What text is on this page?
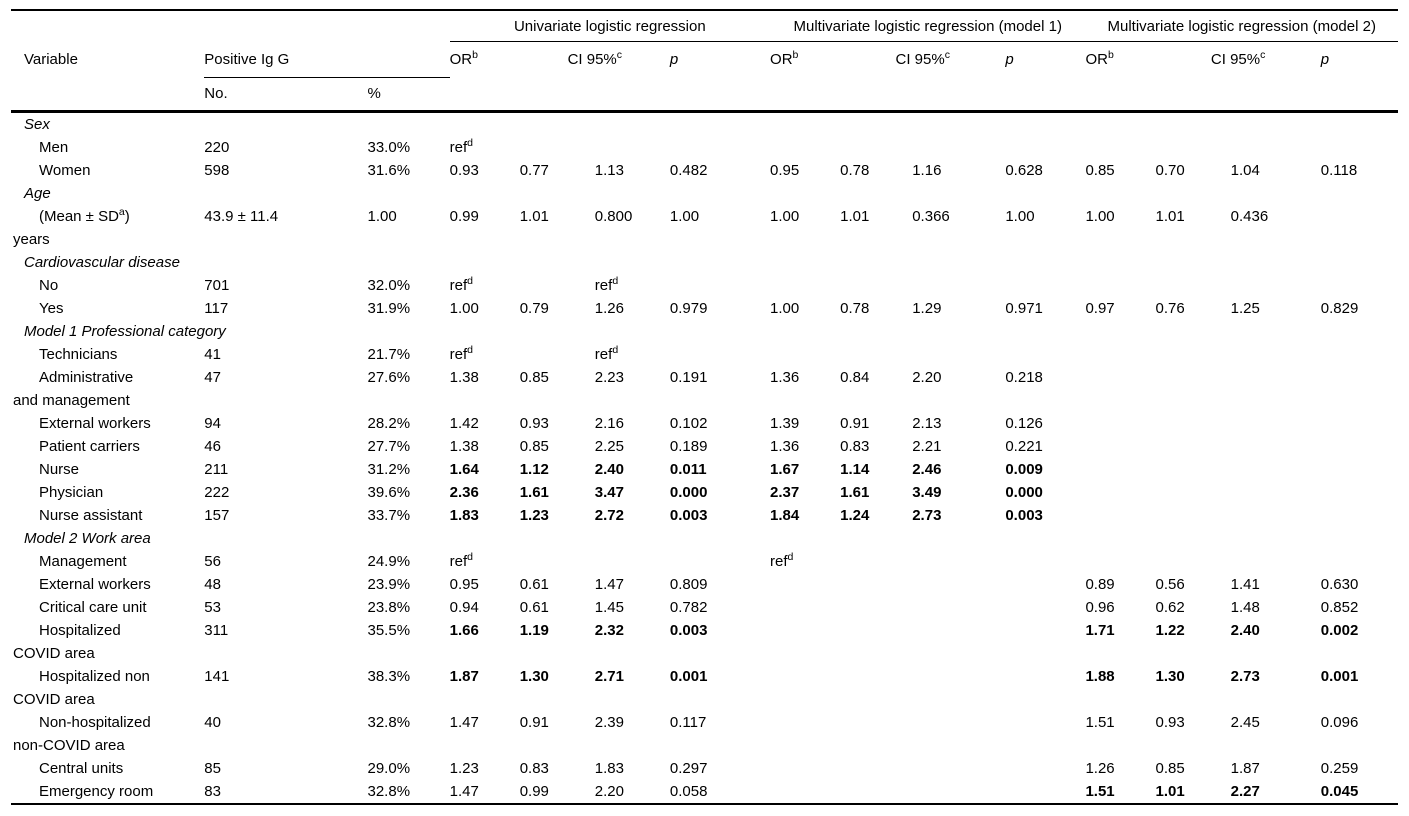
			Univariate logistic regression				Multivariate logistic regression (model 1)				Multivariate logistic regression (model 2)			
Variable	Positive Ig G		$OR^b$	CI 95%$^c$		p	$OR^b$	CI 95%$^c$		p	$OR^b$	CI 95%$^c$		p
	No.	%												
Sex														

Men	220	33.0%	ref$^d$											

Women	598	31.6%	0.93	0.77	1.13	0.482	0.95	0.78	1.16	0.628	0.85	0.70	1.04	0.118
Age														

(Mean ± $SD^a$)
years	43.9 ± 11.4	1.00	0.99	1.01	0.800	1.00	1.00	1.01	0.366	1.00	1.00	1.01	0.436	
Cardiovascular disease														

No	701	32.0%	ref$^d$		ref$^d$									

Yes	117	31.9%	1.00	0.79	1.26	0.979	1.00	0.78	1.29	0.971	0.97	0.76	1.25	0.829
Model 1 Professional category														

Technicians	41	21.7%	ref$^d$		ref$^d$									

Administrative
and management	47	27.6%	1.38	0.85	2.23	0.191	1.36	0.84	2.20	0.218				

External workers	94	28.2%	1.42	0.93	2.16	0.102	1.39	0.91	2.13	0.126				

Patient carriers	46	27.7%	1.38	0.85	2.25	0.189	1.36	0.83	2.21	0.221				

Nurse	211	31.2%	1.64	1.12	2.40	0.011	1.67	1.14	2.46	0.009				

Physician	222	39.6%	2.36	1.61	3.47	0.000	2.37	1.61	3.49	0.000				

Nurse assistant	157	33.7%	1.83	1.23	2.72	0.003	1.84	1.24	2.73	0.003				
Model 2 Work area														

Management	56	24.9%	ref$^d$				ref$^d$							

External workers	48	23.9%	0.95	0.61	1.47	0.809					0.89	0.56	1.41	0.630

Critical care unit	53	23.8%	0.94	0.61	1.45	0.782					0.96	0.62	1.48	0.852

Hospitalized
COVID area	311	35.5%	1.66	1.19	2.32	0.003					1.71	1.22	2.40	0.002

Hospitalized non
COVID area	141	38.3%	1.87	1.30	2.71	0.001					1.88	1.30	2.73	0.001

Non-hospitalized
non-COVID area	40	32.8%	1.47	0.91	2.39	0.117					1.51	0.93	2.45	0.096

Central units	85	29.0%	1.23	0.83	1.83	0.297					1.26	0.85	1.87	0.259

Emergency room	83	32.8%	1.47	0.99	2.20	0.058					1.51	1.01	2.27	0.045
